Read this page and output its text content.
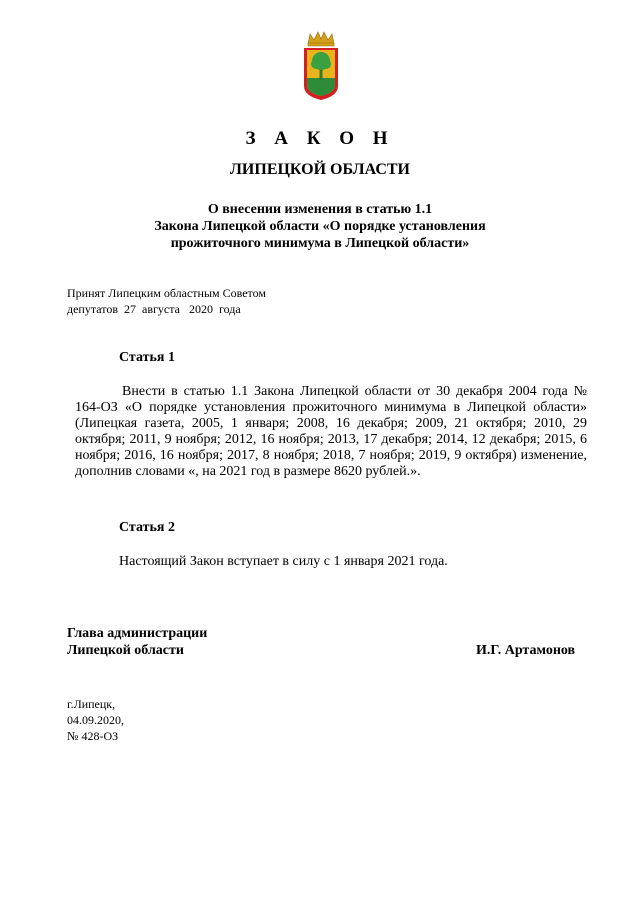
З А К О Н
ЛИПЕЦКОЙ ОБЛАСТИ
О внесении изменения в статью 1.1
Закона Липецкой области «О порядке установления
прожиточного минимума в Липецкой области»
Принят Липецким областным Советом
депутатов  27  августа   2020  года
Статья 1
Внести в статью 1.1 Закона Липецкой области от 30 декабря 2004 года № 164-ОЗ «О порядке установления прожиточного минимума в Липецкой области» (Липецкая газета, 2005, 1 января; 2008, 16 декабря; 2009, 21 октября; 2010, 29 октября; 2011, 9 ноября; 2012, 16 ноября; 2013, 17 декабря; 2014, 12 декабря; 2015, 6 ноября; 2016, 16 ноября; 2017, 8 ноября; 2018, 7 ноября; 2019, 9 октября) изменение, дополнив словами «, на 2021 год в размере 8620 рублей.».
Статья 2
Настоящий Закон вступает в силу с 1 января 2021 года.
Глава администрации
Липецкой области	И.Г. Артамонов
г.Липецк,
04.09.2020,
№ 428-ОЗ
